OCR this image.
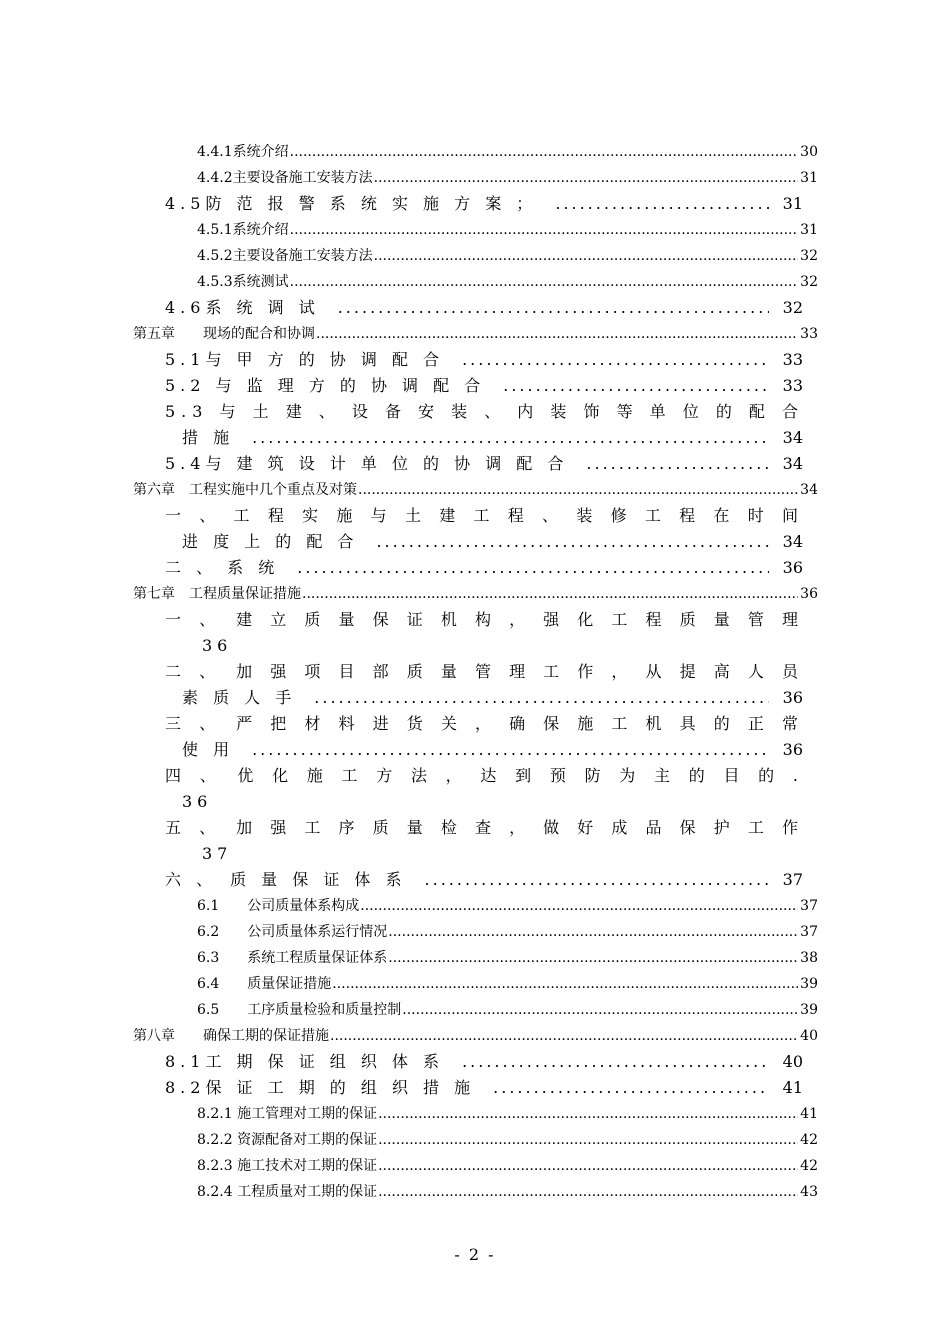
4.4.1系统介绍	30
.....
4.4.2主要设备施工安装方法	31
.....
4.5防 范 报 警 系 统 实 施 方 案 ；	31
.....
4.5.1系统介绍	31
.....
4.5.2主要设备施工安装方法	32
.....
4.5.3系统测试	32
.....
4.6系 统 调 试	32
.....
第五章　　现场的配合和协调	33
.....
5.1与 甲 方 的 协 调 配 合	33
.....
5.2 与 监 理 方 的 协 调 配 合	33
.....
5.3 与 土 建 、 设 备 安 装 、 内 装 饰 等 单 位 的 配 合
措 施	34
.....
5.4与 建 筑 设 计 单 位 的 协 调 配 合	34
.....
第六章　工程实施中几个重点及对策	34
.....
一 、 工 程 实 施 与 土 建 工 程 、 装 修 工 程 在 时 间
进 度 上 的 配 合	34
.....
二 、 系 统	36
.....
第七章　工程质量保证措施	36
.....
一 、　建 立 质 量 保 证 机 构 ， 强 化 工 程 质 量 管 理
36
二 、　加 强 项 目 部 质 量 管 理 工 作 ， 从 提 高 人 员
素 质 人 手	36
.....
三 、　严 把 材 料 进 货 关 ， 确 保 施 工 机 具 的 正 常
使 用	36
.....
四 、　优 化 施 工 方 法 ， 达 到 预 防 为 主 的 目 的 .
36
五 、　加 强 工 序 质 量 检 查 ， 做 好 成 品 保 护 工 作
37
六 、　质 量 保 证 体 系	37
.....
6.1　　公司质量体系构成	37
.....
6.2　　公司质量体系运行情况	37
.....
6.3　　系统工程质量保证体系	38
.....
6.4　　质量保证措施	39
.....
6.5　　工序质量检验和质量控制	39
.....
第八章　　确保工期的保证措施	40
.....
8.1工 期 保 证 组 织 体 系	40
.....
8.2保 证 工 期 的 组 织 措 施	41
.....
8.2.1 施工管理对工期的保证	41
.....
8.2.2 资源配备对工期的保证	42
.....
8.2.3 施工技术对工期的保证	42
.....
8.2.4 工程质量对工期的保证	43
.....
- 2 -
